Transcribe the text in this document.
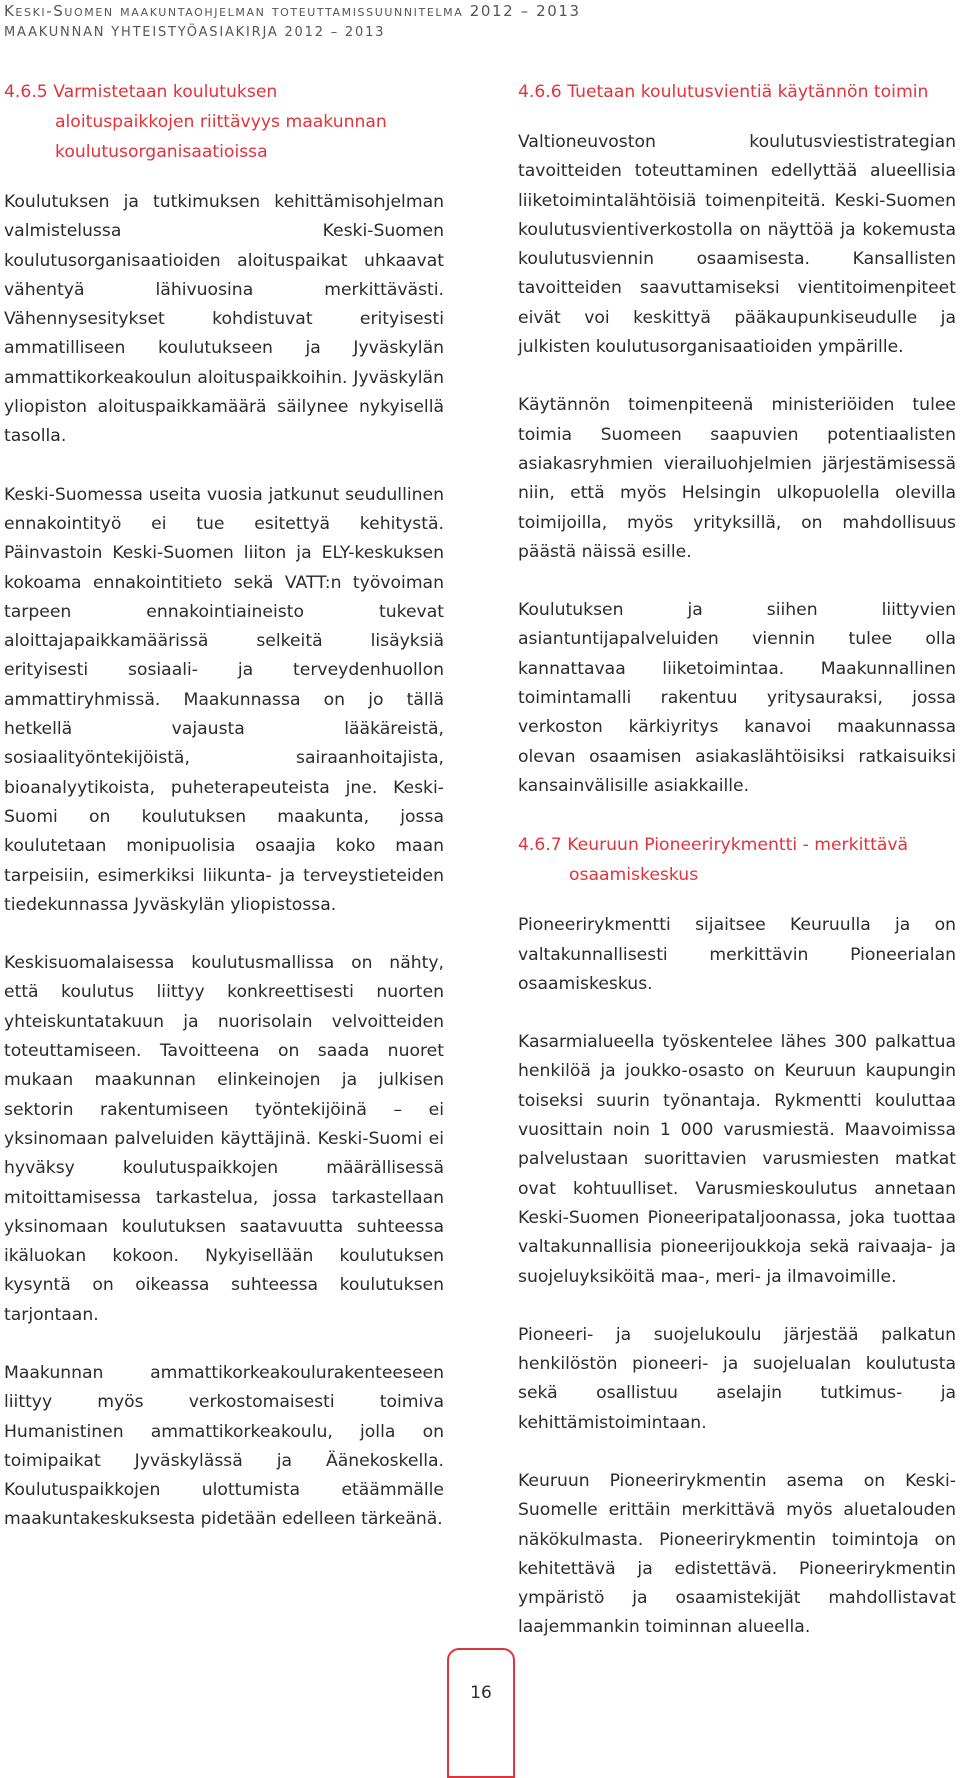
Keski-Suomen maakuntaohjelman toteuttamissuunnitelma 2012 – 2013
MAAKUNNAN YHTEISTYÖASIAKIRJA 2012 – 2013
4.6.5 Varmistetaan koulutuksen
aloituspaikkojen riittävyys maakunnan
koulutusorganisaatioissa

Koulutuksen ja tutkimuksen kehittämisohjelman valmistelussa Keski-Suomen koulutusorganisaatioiden aloituspaikat uhkaavat vähentyä lähivuosina merkittävästi. Vähennysesitykset kohdistuvat erityisesti ammatilliseen koulutukseen ja Jyväskylän ammattikorkeakoulun aloituspaikkoihin. Jyväskylän yliopiston aloituspaikkamäärä säilynee nykyisellä tasolla.

Keski-Suomessa useita vuosia jatkunut seudullinen ennakointityö ei tue esitettyä kehitystä. Päinvastoin Keski-Suomen liiton ja ELY-keskuksen kokoama ennakointitieto sekä VATT:n työvoiman tarpeen ennakointiaineisto tukevat aloittajapaikkamäärissä selkeitä lisäyksiä erityisesti sosiaali- ja terveydenhuollon ammattiryhmissä. Maakunnassa on jo tällä hetkellä vajausta lääkäreistä, sosiaalityöntekijöistä, sairaanhoitajista, bioanalyytikoista, puheterapeuteista jne. Keski-Suomi on koulutuksen maakunta, jossa koulutetaan monipuolisia osaajia koko maan tarpeisiin, esimerkiksi liikunta- ja terveystieteiden tiedekunnassa Jyväskylän yliopistossa.

Keskisuomalaisessa koulutusmallissa on nähty, että koulutus liittyy konkreettisesti nuorten yhteiskuntatakuun ja nuorisolain velvoitteiden toteuttamiseen. Tavoitteena on saada nuoret mukaan maakunnan elinkeinojen ja julkisen sektorin rakentumiseen työntekijöinä – ei yksinomaan palveluiden käyttäjinä. Keski-Suomi ei hyväksy koulutuspaikkojen määrällisessä mitoittamisessa tarkastelua, jossa tarkastellaan yksinomaan koulutuksen saatavuutta suhteessa ikäluokan kokoon. Nykyisellään koulutuksen kysyntä on oikeassa suhteessa koulutuksen tarjontaan.

Maakunnan ammattikorkeakoulurakenteeseen liittyy myös verkostomaisesti toimiva Humanistinen ammattikorkeakoulu, jolla on toimipaikat Jyväskylässä ja Äänekoskella. Koulutuspaikkojen ulottumista etäämmälle maakuntakeskuksesta pidetään edelleen tärkeänä.

4.6.6 Tuetaan koulutusvientiä käytännön toimin

Valtioneuvoston koulutusviestistrategian tavoitteiden toteuttaminen edellyttää alueellisia liiketoimintalähtöisiä toimenpiteitä. Keski-Suomen koulutusvientiverkostolla on näyttöä ja kokemusta koulutusviennin osaamisesta. Kansallisten tavoitteiden saavuttamiseksi vientitoimenpiteet eivät voi keskittyä pääkaupunkiseudulle ja julkisten koulutusorganisaatioiden ympärille.

Käytännön toimenpiteenä ministeriöiden tulee toimia Suomeen saapuvien potentiaalisten asiakasryhmien vierailuohjelmien järjestämisessä niin, että myös Helsingin ulkopuolella olevilla toimijoilla, myös yrityksillä, on mahdollisuus päästä näissä esille.

Koulutuksen ja siihen liittyvien asiantuntijapalveluiden viennin tulee olla kannattavaa liiketoimintaa. Maakunnallinen toimintamalli rakentuu yritysauraksi, jossa verkoston kärkiyritys kanavoi maakunnassa olevan osaamisen asiakaslähtöisiksi ratkaisuiksi kansainvälisille asiakkaille.

4.6.7 Keuruun Pioneerirykmentti - merkittävä
osaamiskeskus

Pioneerirykmentti sijaitsee Keuruulla ja on valtakunnallisesti merkittävin Pioneerialan osaamiskeskus.

Kasarmialueella työskentelee lähes 300 palkattua henkilöä ja joukko-osasto on Keuruun kaupungin toiseksi suurin työnantaja. Rykmentti kouluttaa vuosittain noin 1 000 varusmiestä. Maavoimissa palvelustaan suorittavien varusmiesten matkat ovat kohtuulliset. Varusmieskoulutus annetaan Keski-Suomen Pioneeripataljoonassa, joka tuottaa valtakunnallisia pioneerijoukkoja sekä raivaaja- ja suojeluyksiköitä maa-, meri- ja ilmavoimille.

Pioneeri- ja suojelukoulu järjestää palkatun henkilöstön pioneeri- ja suojelualan koulutusta sekä osallistuu aselajin tutkimus- ja kehittämistoimintaan.

Keuruun Pioneerirykmentin asema on Keski-Suomelle erittäin merkittävä myös aluetalouden näkökulmasta. Pioneerirykmentin toimintoja on kehitettävä ja edistettävä. Pioneerirykmentin ympäristö ja osaamistekijät mahdollistavat laajemmankin toiminnan alueella.

16
